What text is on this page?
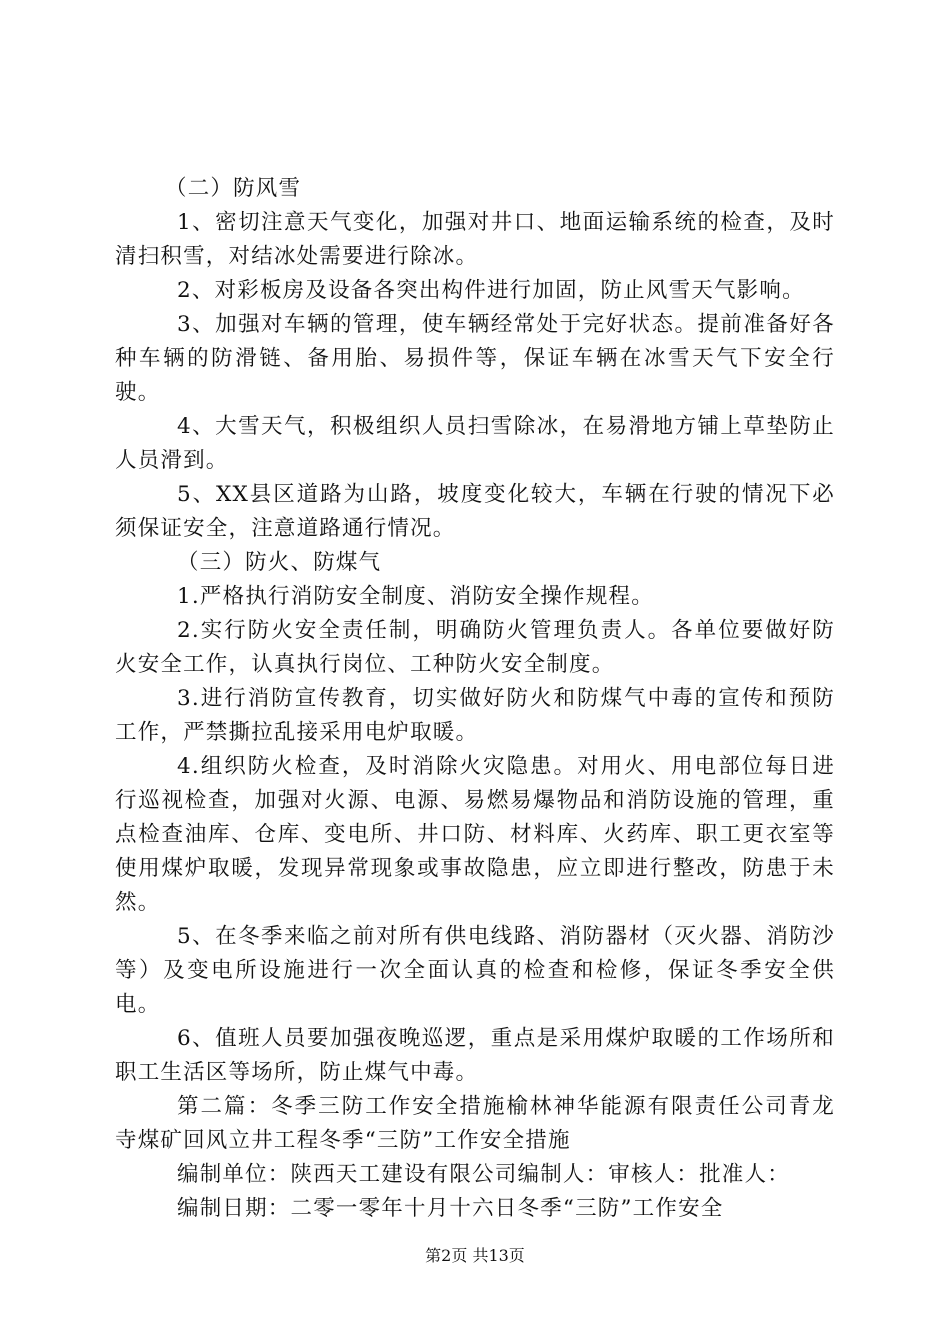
（二）防风雪

1、密切注意天气变化，加强对井口、地面运输系统的检查，及时清扫积雪，对结冰处需要进行除冰。

2、对彩板房及设备各突出构件进行加固，防止风雪天气影响。

3、加强对车辆的管理，使车辆经常处于完好状态。提前准备好各种车辆的防滑链、备用胎、易损件等，保证车辆在冰雪天气下安全行驶。

4、大雪天气，积极组织人员扫雪除冰，在易滑地方铺上草垫防止人员滑到。

5、XX县区道路为山路，坡度变化较大，车辆在行驶的情况下必须保证安全，注意道路通行情况。

（三）防火、防煤气

1.严格执行消防安全制度、消防安全操作规程。

2.实行防火安全责任制，明确防火管理负责人。各单位要做好防火安全工作，认真执行岗位、工种防火安全制度。

3.进行消防宣传教育，切实做好防火和防煤气中毒的宣传和预防工作，严禁撕拉乱接采用电炉取暖。

4.组织防火检查，及时消除火灾隐患。对用火、用电部位每日进行巡视检查，加强对火源、电源、易燃易爆物品和消防设施的管理，重点检查油库、仓库、变电所、井口防、材料库、火药库、职工更衣室等使用煤炉取暖，发现异常现象或事故隐患，应立即进行整改，防患于未然。

5、在冬季来临之前对所有供电线路、消防器材（灭火器、消防沙等）及变电所设施进行一次全面认真的检查和检修，保证冬季安全供电。

6、值班人员要加强夜晚巡逻，重点是采用煤炉取暖的工作场所和职工生活区等场所，防止煤气中毒。

第二篇：冬季三防工作安全措施榆林神华能源有限责任公司青龙寺煤矿回风立井工程冬季“三防”工作安全措施

编制单位：陕西天工建设有限公司编制人：审核人：批准人：

编制日期：二零一零年十月十六日冬季“三防”工作安全

第2页 共13页
